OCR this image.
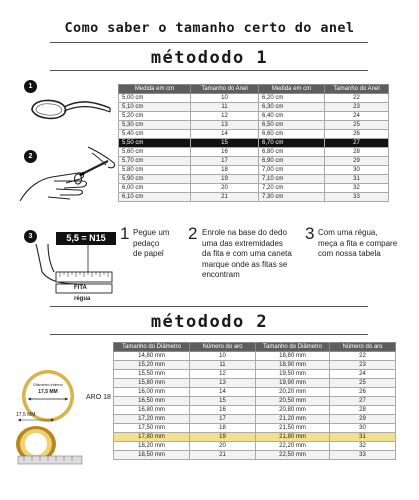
Como saber o tamanho certo do anel
métododo 1
1
2
3	5,5 = N15
FITA
régua
Medida em cm	Tamanho do Anel	Medida em cm	Tamanho do Anel
5,00 cm	10	6,20 cm	22
5,10 cm	11	6,30 cm	23
5,20 cm	12	6,40 cm	24
5,30 cm	13	6,50 cm	25
5,40 cm	14	6,60 cm	26
5,50 cm	15	6,70 cm	27
5,60 cm	16	6,80 cm	28
5,70 cm	17	6,90 cm	29
5,80 cm	18	7,00 cm	30
5,90 cm	19	7,10 cm	31
6,00 cm	20	7,20 cm	32
6,10 cm	21	7,30 cm	33
1 Pegue um
pedaço
de papel
2 Enrole na base do dedo
uma das extremidades
da fita e com uma caneta
marque onde as fitas se
encontram
3 Com uma régua,
meça a fita e compare
com nossa tabela
métododo 2
Diâmetro interno
17,5 MM
ARO 18
17,5 MM
Tamanho do Diâmetro	Número do aro	Tamanho do Diâmetro	Número do aro
14,80 mm	10	18,80 mm	22
15,20 mm	11	18,90 mm	23
15,50 mm	12	19,50 mm	24
15,80 mm	13	19,90 mm	25
16,00 mm	14	20,20 mm	26
16,50 mm	15	20,50 mm	27
16,80 mm	16	20,80 mm	28
17,20 mm	17	21,20 mm	29
17,50 mm	18	21,50 mm	30
17,80 mm	19	21,80 mm	31
18,20 mm	20	22,20 mm	32
18,50 mm	21	22,50 mm	33
